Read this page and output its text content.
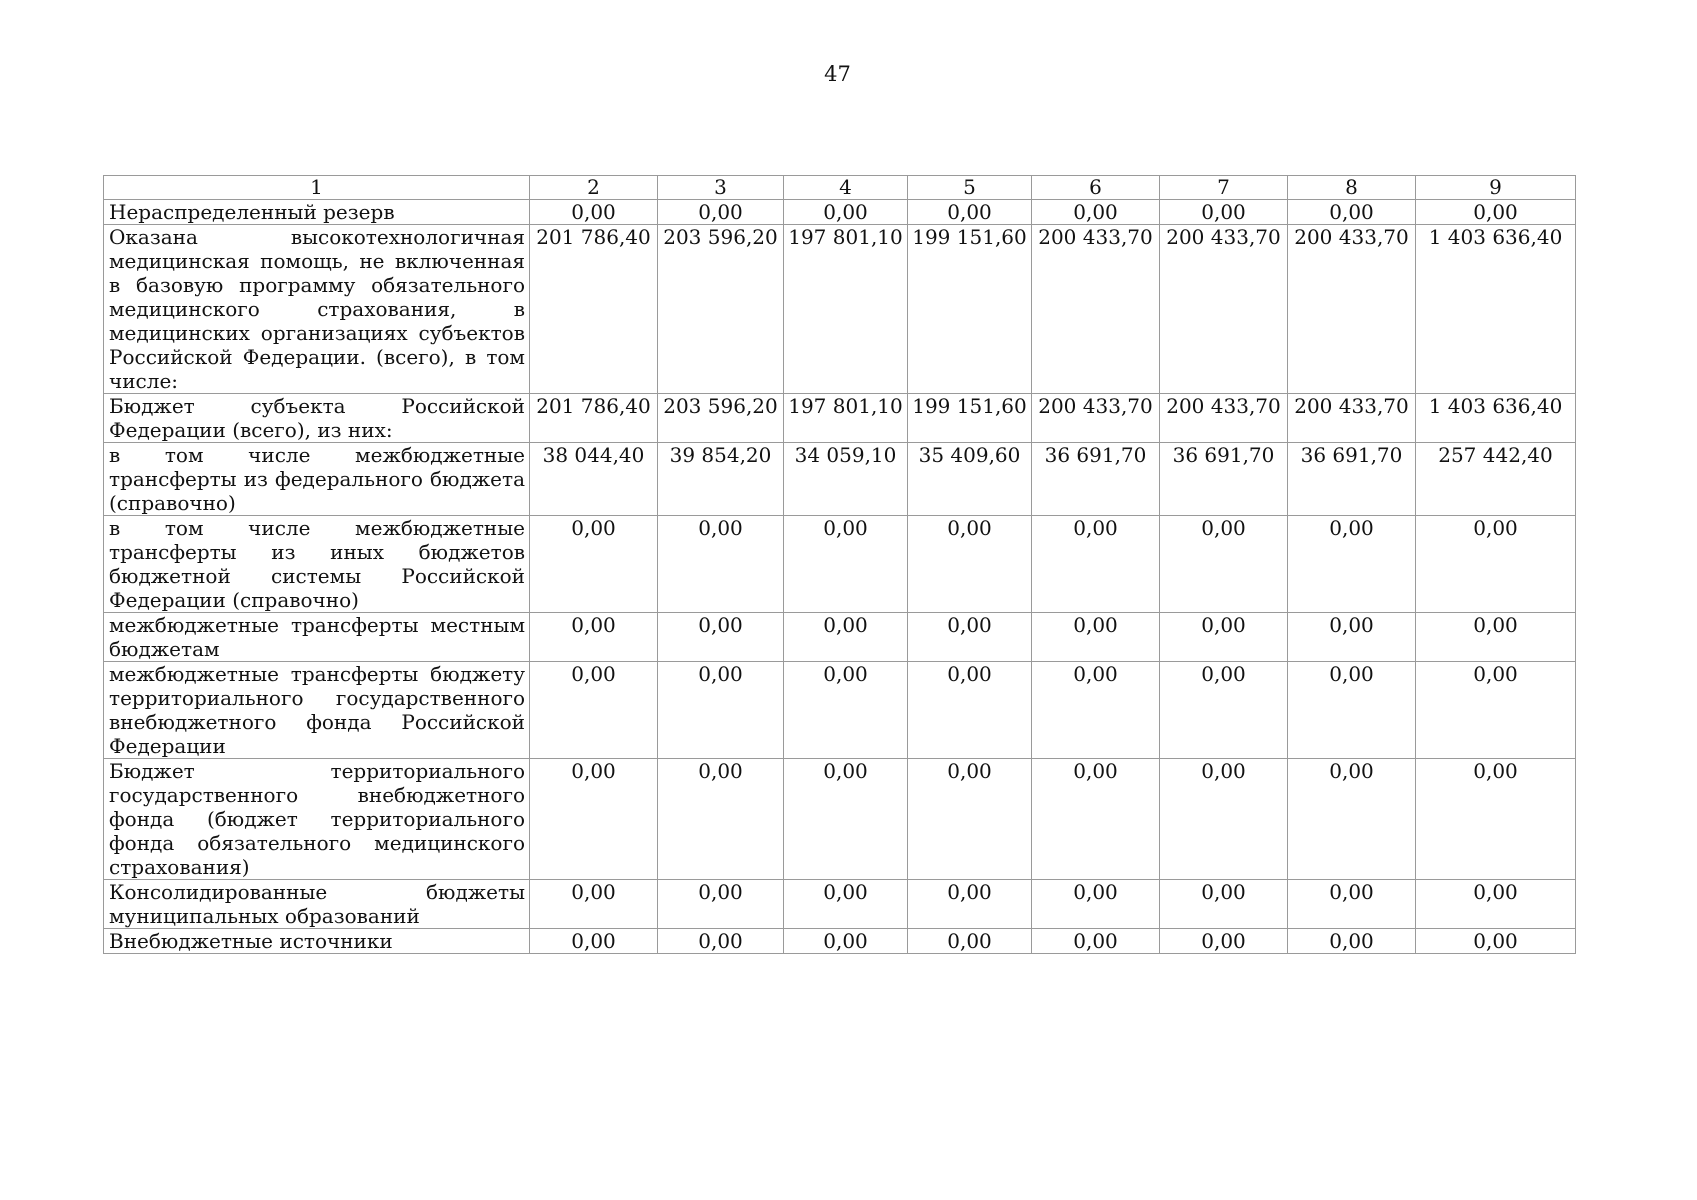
47
1	2	3	4	5	6	7	8	9
Нераспределенный резерв	0,00	0,00	0,00	0,00	0,00	0,00	0,00	0,00
Оказана высокотехнологичная медицинская помощь, не включенная в базовую программу обязательного медицинского страхования, в медицинских организациях субъектов Российской Федерации. (всего), в том числе:	201 786,40	203 596,20	197 801,10	199 151,60	200 433,70	200 433,70	200 433,70	1 403 636,40
Бюджет субъекта Российской Федерации (всего), из них:	201 786,40	203 596,20	197 801,10	199 151,60	200 433,70	200 433,70	200 433,70	1 403 636,40
в том числе межбюджетные трансферты из федерального бюджета (справочно)	38 044,40	39 854,20	34 059,10	35 409,60	36 691,70	36 691,70	36 691,70	257 442,40
в том числе межбюджетные трансферты из иных бюджетов бюджетной системы Российской Федерации (справочно)	0,00	0,00	0,00	0,00	0,00	0,00	0,00	0,00
межбюджетные трансферты местным бюджетам	0,00	0,00	0,00	0,00	0,00	0,00	0,00	0,00
межбюджетные трансферты бюджету территориального государственного внебюджетного фонда Российской Федерации	0,00	0,00	0,00	0,00	0,00	0,00	0,00	0,00
Бюджет территориального государственного внебюджетного фонда (бюджет территориального фонда обязательного медицинского страхования)	0,00	0,00	0,00	0,00	0,00	0,00	0,00	0,00
Консолидированные бюджеты муниципальных образований	0,00	0,00	0,00	0,00	0,00	0,00	0,00	0,00
Внебюджетные источники	0,00	0,00	0,00	0,00	0,00	0,00	0,00	0,00
